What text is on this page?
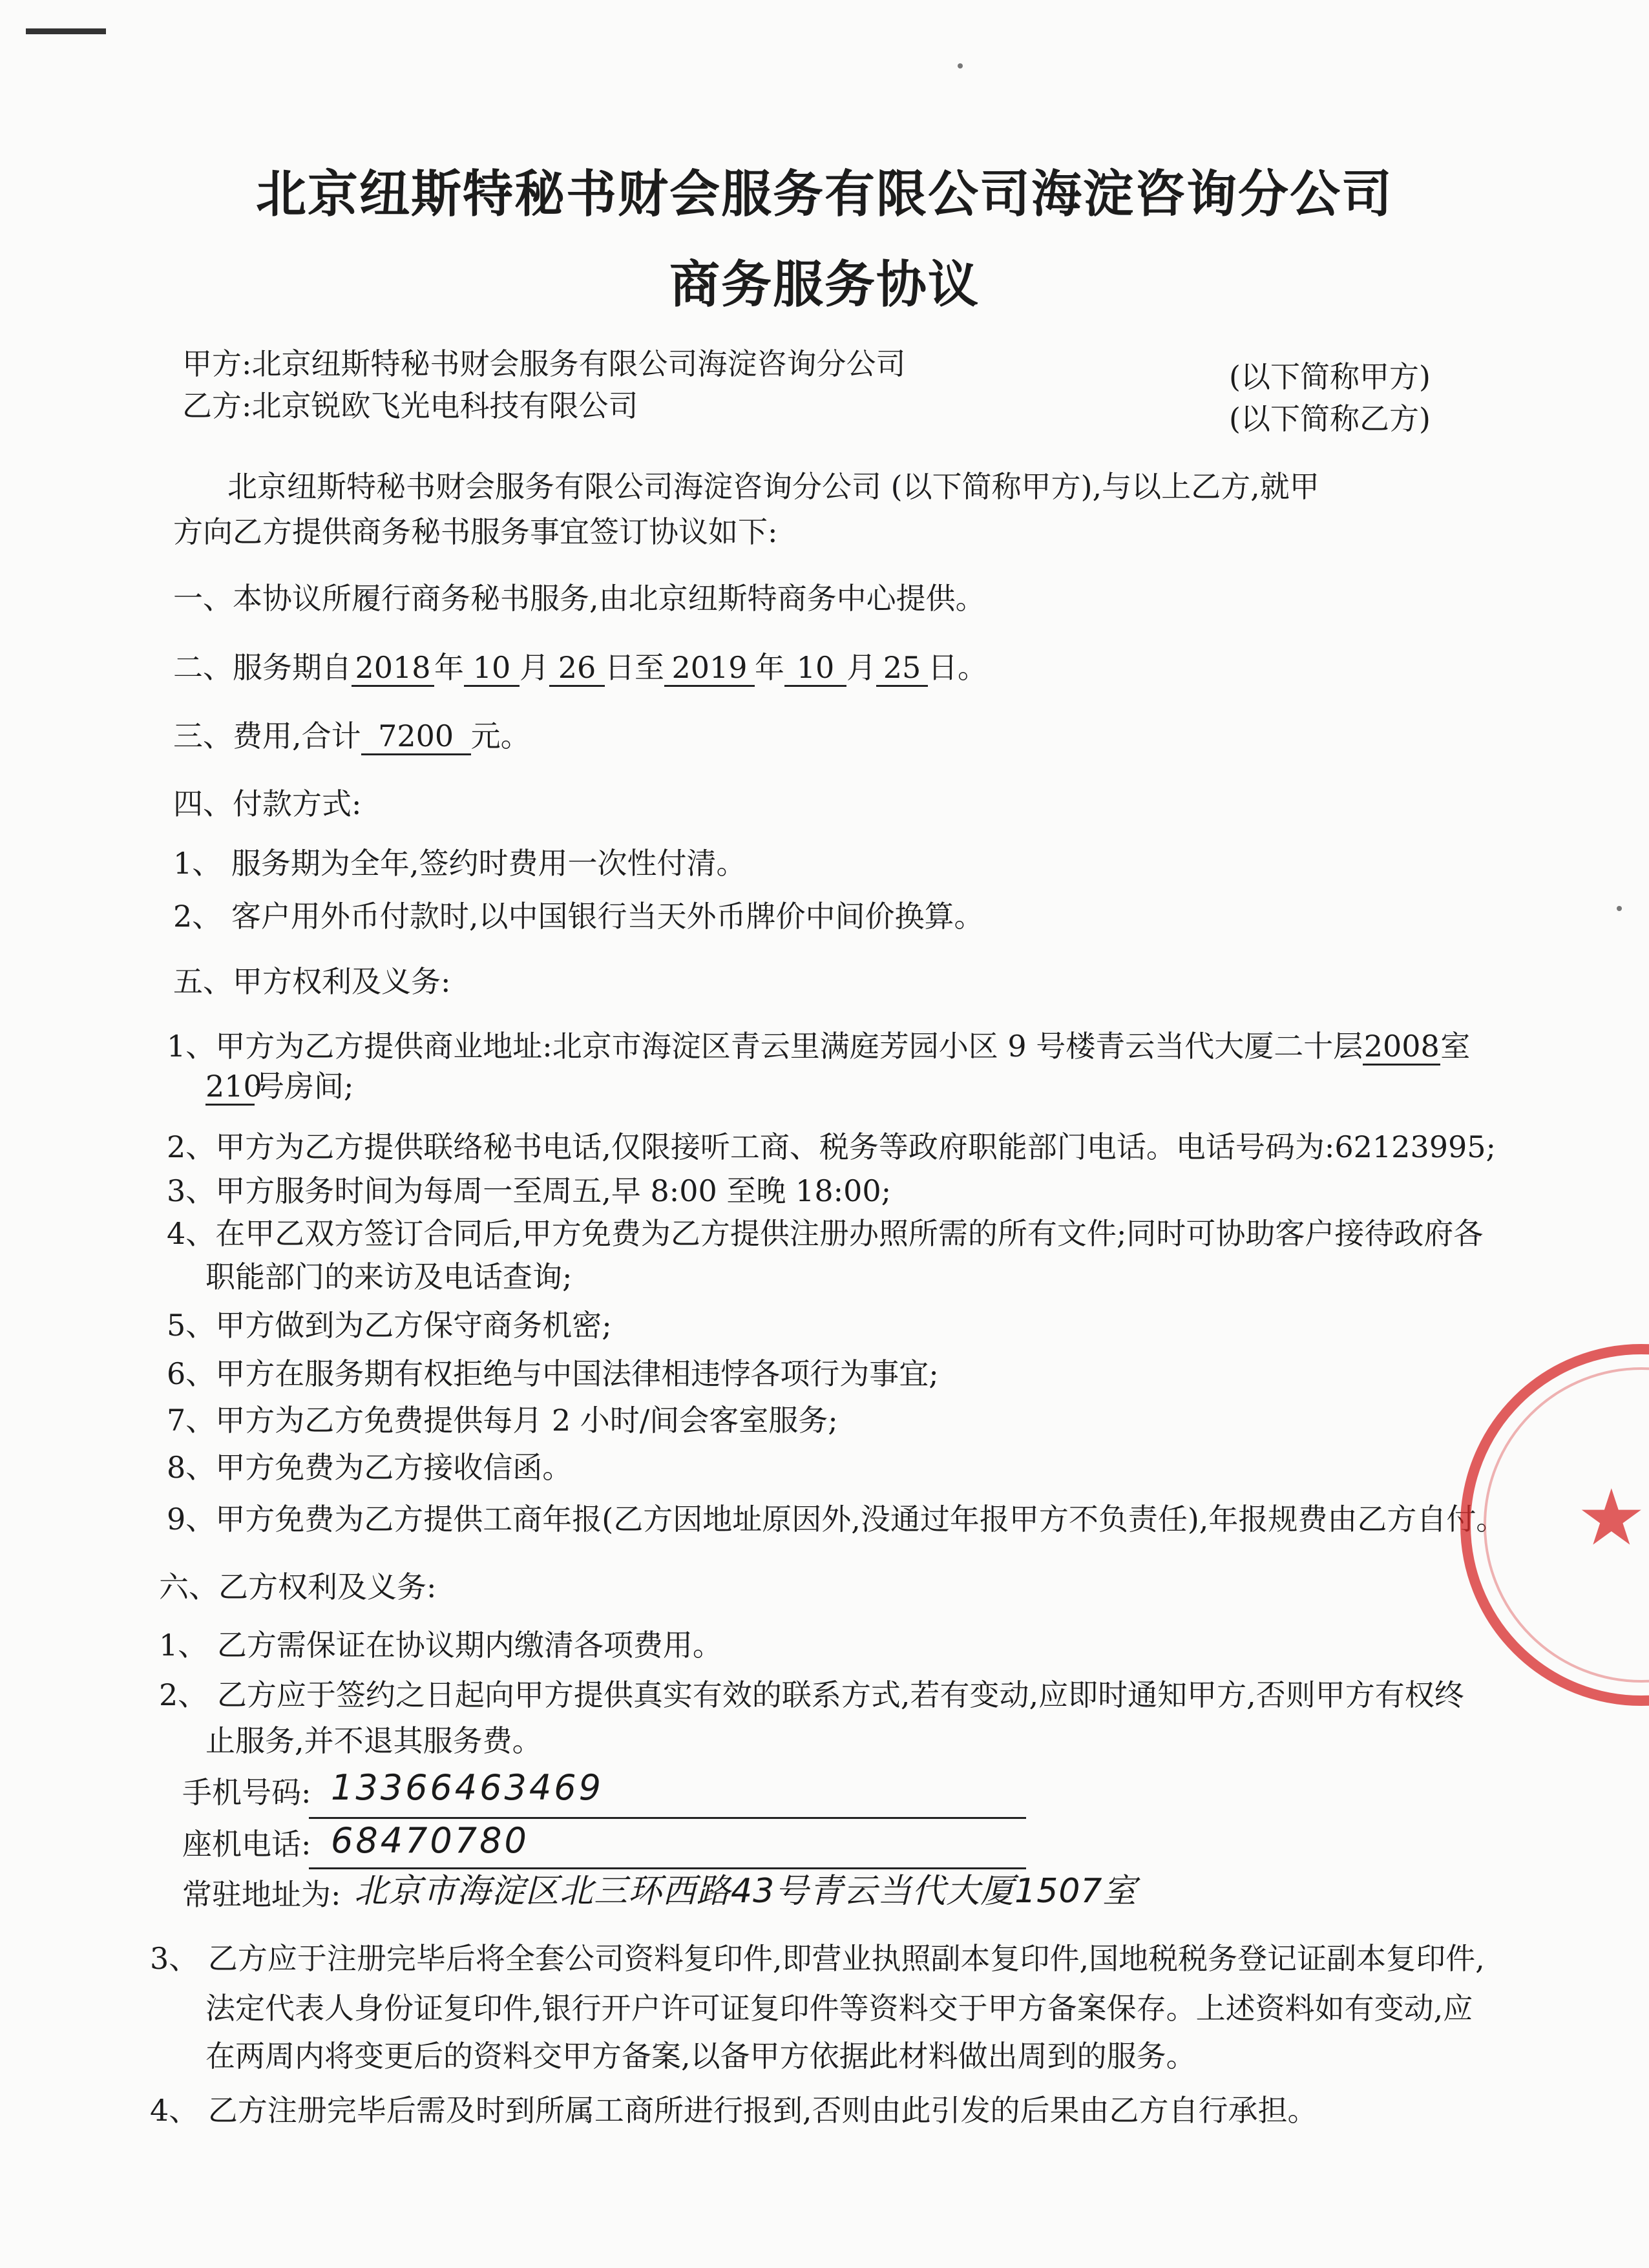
北京纽斯特秘书财会服务有限公司海淀咨询分公司
商务服务协议
甲方:北京纽斯特秘书财会服务有限公司海淀咨询分公司	(以下简称甲方)
乙方:北京锐欧飞光电科技有限公司	(以下简称乙方)
北京纽斯特秘书财会服务有限公司海淀咨询分公司 (以下简称甲方),与以上乙方,就甲
方向乙方提供商务秘书服务事宜签订协议如下:
一、本协议所履行商务秘书服务,由北京纽斯特商务中心提供。
二、服务期自 2018 年 10 月 26 日至 2019 年 10 月 25 日。
三、费用,合计 7200 元。
四、付款方式:
1、 服务期为全年,签约时费用一次性付清。
2、 客户用外币付款时,以中国银行当天外币牌价中间价换算。
五、甲方权利及义务:
1、甲方为乙方提供商业地址:北京市海淀区青云里满庭芳园小区 9 号楼青云当代大厦二十层2008室
210号房间;
2、甲方为乙方提供联络秘书电话,仅限接听工商、税务等政府职能部门电话。电话号码为:62123995;
3、甲方服务时间为每周一至周五,早 8:00 至晚 18:00;
4、在甲乙双方签订合同后,甲方免费为乙方提供注册办照所需的所有文件;同时可协助客户接待政府各
职能部门的来访及电话查询;
5、甲方做到为乙方保守商务机密;
6、甲方在服务期有权拒绝与中国法律相违悖各项行为事宜;
7、甲方为乙方免费提供每月 2 小时/间会客室服务;
8、甲方免费为乙方接收信函。
9、甲方免费为乙方提供工商年报(乙方因地址原因外,没通过年报甲方不负责任),年报规费由乙方自付。
六、乙方权利及义务:
1、 乙方需保证在协议期内缴清各项费用。
2、 乙方应于签约之日起向甲方提供真实有效的联系方式,若有变动,应即时通知甲方,否则甲方有权终
止服务,并不退其服务费。
手机号码: 13366463469
座机电话: 68470780
常驻地址为: 北京市海淀区北三环西路43号青云当代大厦1507室
3、 乙方应于注册完毕后将全套公司资料复印件,即营业执照副本复印件,国地税税务登记证副本复印件,
法定代表人身份证复印件,银行开户许可证复印件等资料交于甲方备案保存。上述资料如有变动,应
在两周内将变更后的资料交甲方备案,以备甲方依据此材料做出周到的服务。
4、 乙方注册完毕后需及时到所属工商所进行报到,否则由此引发的后果由乙方自行承担。
★
